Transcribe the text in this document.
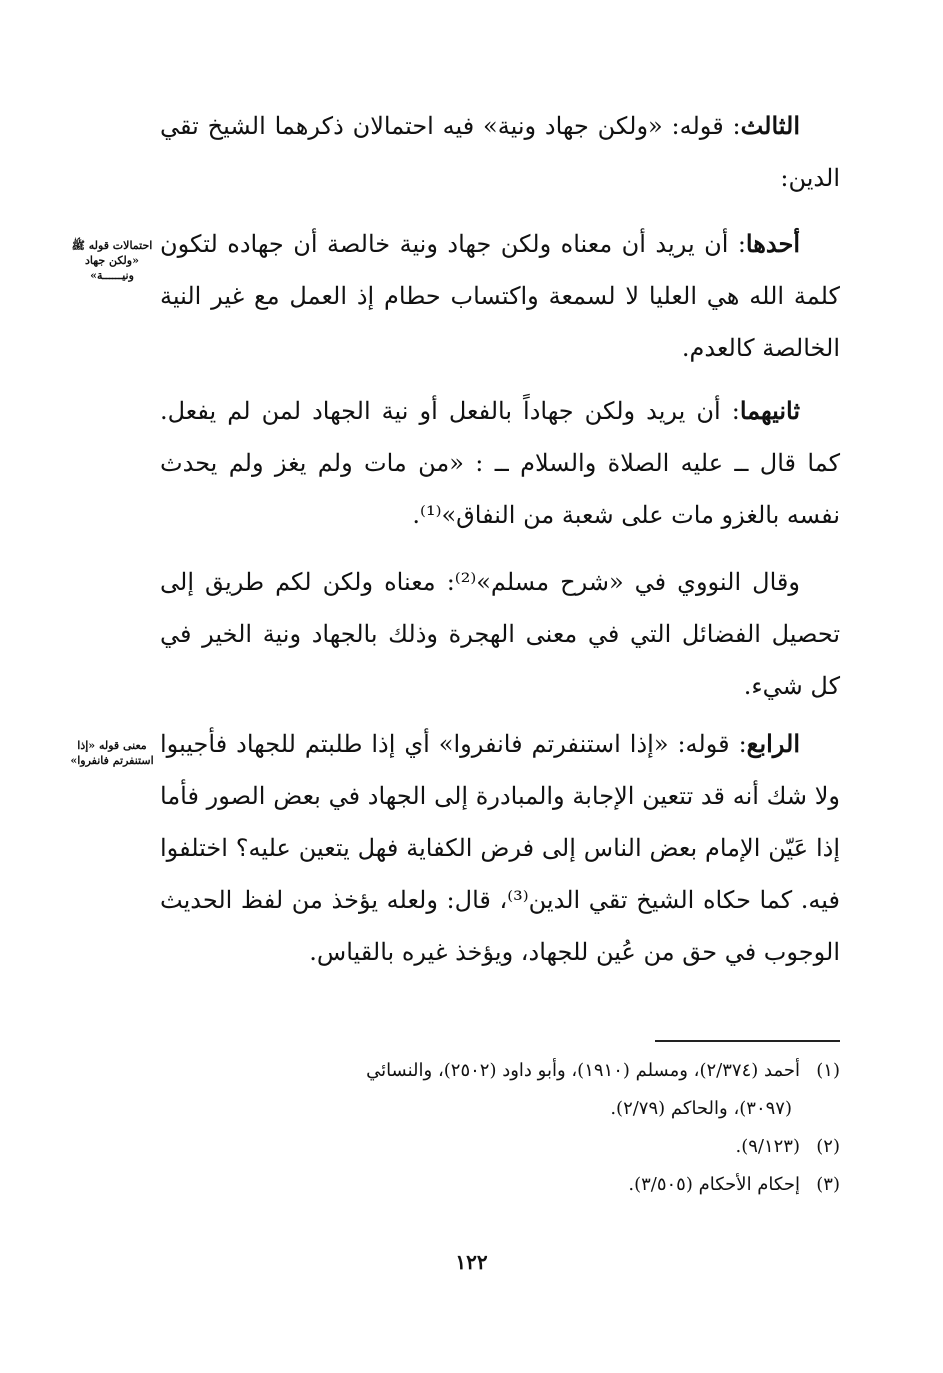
الثالث: قوله: «ولكن جهاد ونية» فيه احتمالان ذكرهما الشيخ تقي الدين:

أحدها: أن يريد أن معناه ولكن جهاد ونية خالصة أن جهاده لتكون كلمة الله هي العليا لا لسمعة واكتساب حطام إذ العمل مع غير النية الخالصة كالعدم.

احتمالات قوله ﷺ «ولكن جهاد ونيــــــة»

ثانيهما: أن يريد ولكن جهاداً بالفعل أو نية الجهاد لمن لم يفعل. كما قال ــ عليه الصلاة والسلام ــ : «من مات ولم يغز ولم يحدث نفسه بالغزو مات على شعبة من النفاق»⁽¹⁾.

وقال النووي في «شرح مسلم»⁽²⁾: معناه ولكن لكم طريق إلى تحصيل الفضائل التي في معنى الهجرة وذلك بالجهاد ونية الخير في كل شيء.

الرابع: قوله: «إذا استنفرتم فانفروا» أي إذا طلبتم للجهاد فأجيبوا ولا شك أنه قد تتعين الإجابة والمبادرة إلى الجهاد في بعض الصور فأما إذا عَيّن الإمام بعض الناس إلى فرض الكفاية فهل يتعين عليه؟ اختلفوا فيه. كما حكاه الشيخ تقي الدين⁽³⁾، قال: ولعله يؤخذ من لفظ الحديث الوجوب في حق من عُين للجهاد، ويؤخذ غيره بالقياس.

معنى قوله «إذا استنفرتم فانفروا»

(١)أحمد (٢/٣٧٤)، ومسلم (١٩١٠)، وأبو داود (٢٥٠٢)، والنسائي

(٣٠٩٧)، والحاكم (٢/٧٩).

(٢)(٩/١٢٣).

(٣)إحكام الأحكام (٣/٥٠٥).

١٢٢
